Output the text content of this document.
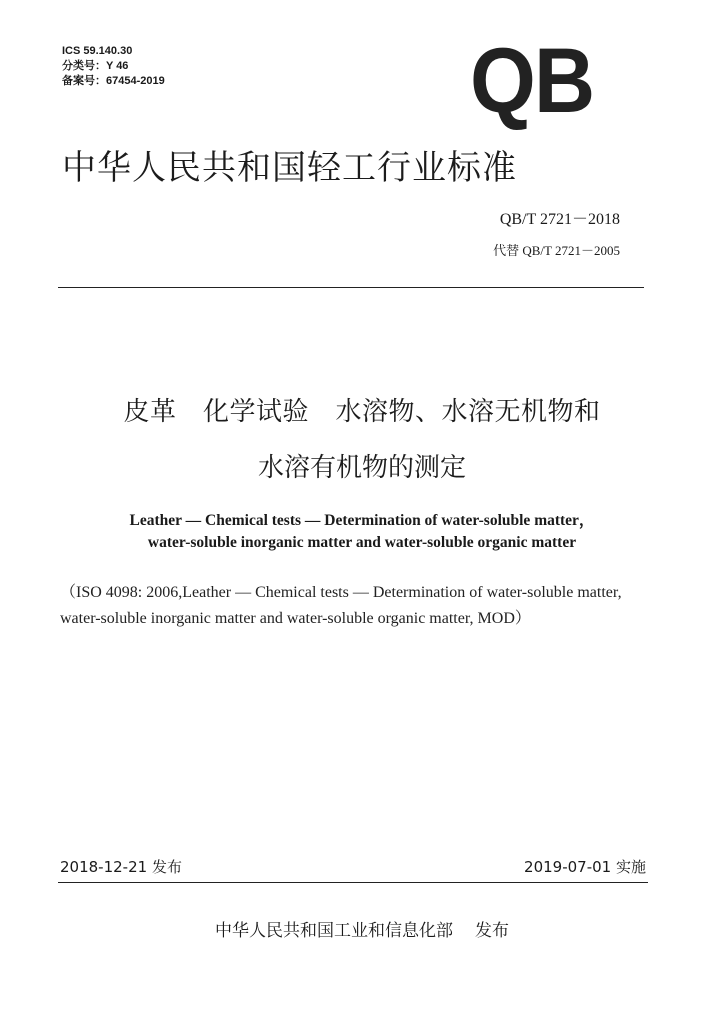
ICS 59.140.30
分类号：Y 46
备案号：67454-2019	QB
中华人民共和国轻工行业标准
QB/T 2721－2018
代替 QB/T 2721－2005
皮革　化学试验　水溶物、水溶无机物和
水溶有机物的测定
Leather — Chemical tests — Determination of water-soluble matter，
water-soluble inorganic matter and water-soluble organic matter
（ISO 4098: 2006,Leather — Chemical tests — Determination of water-soluble matter, water-soluble inorganic matter and water-soluble organic matter, MOD）
2018-12-21 发布	2019-07-01 实施
中华人民共和国工业和信息化部 发布
